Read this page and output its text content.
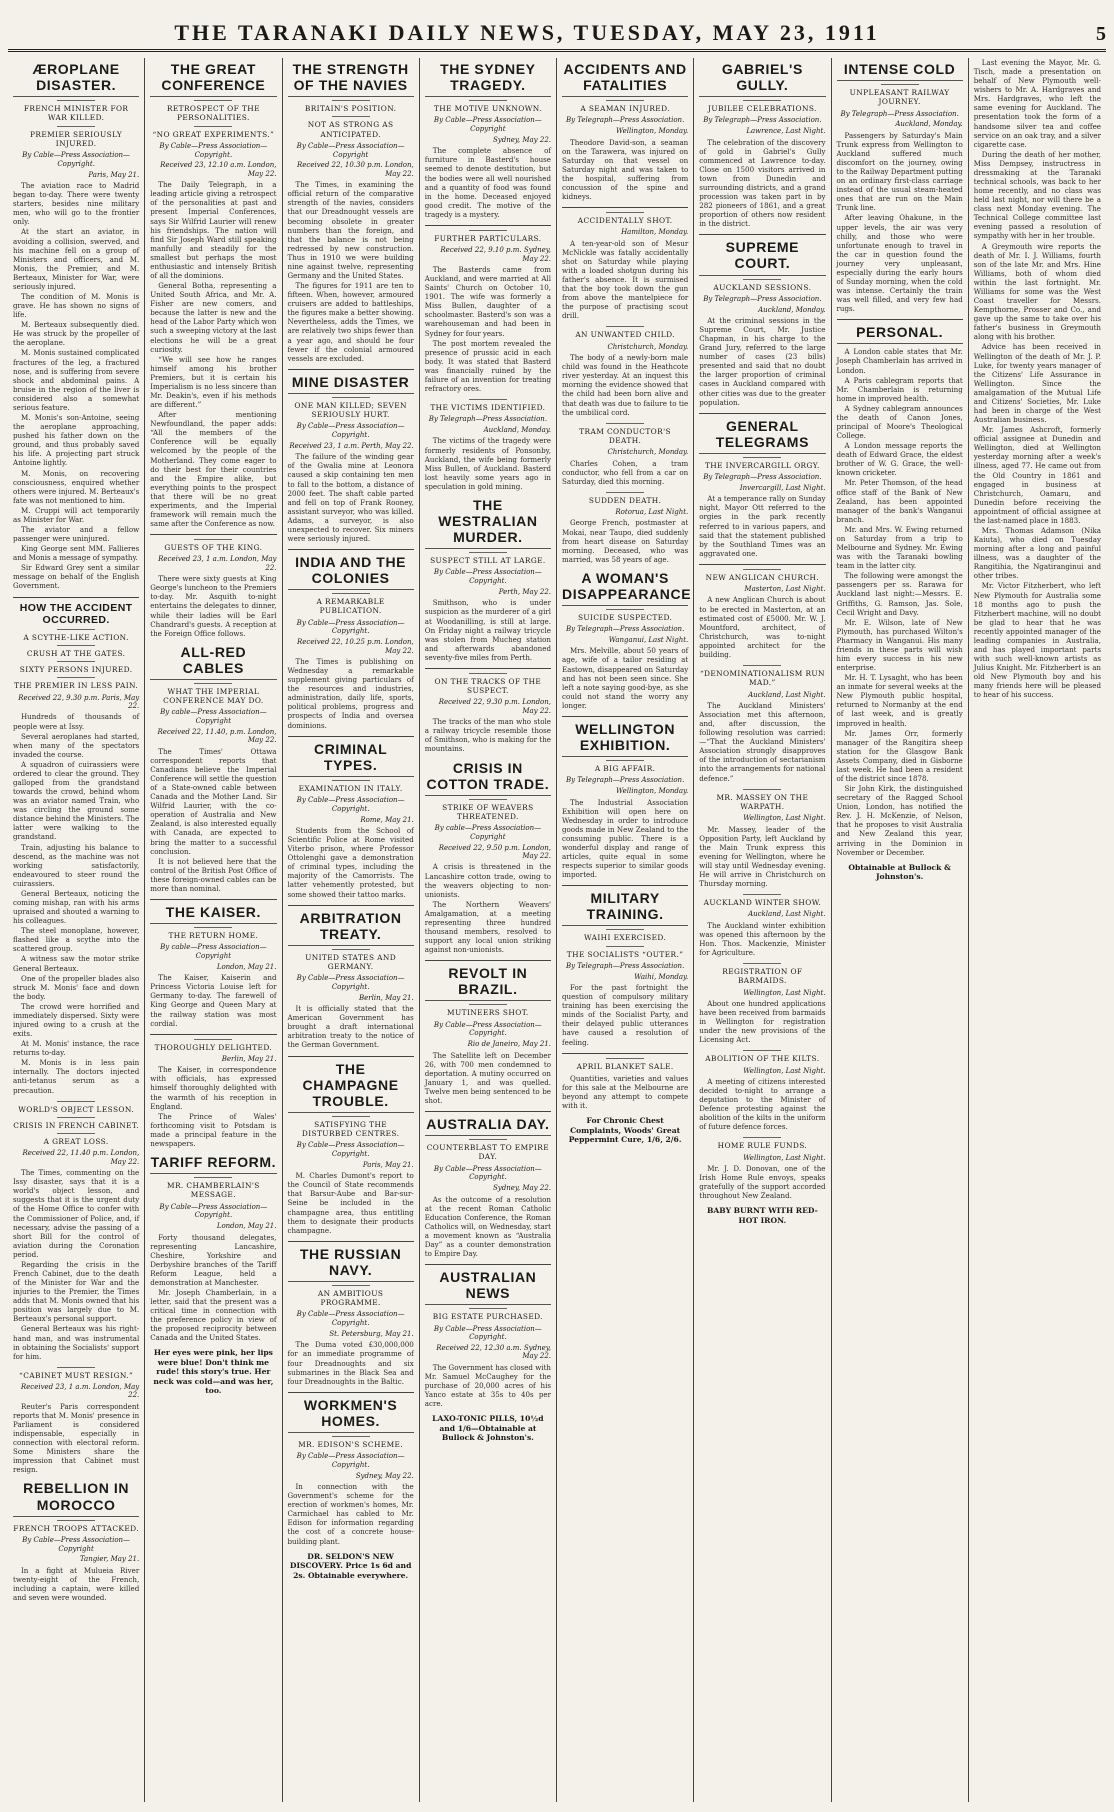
THE TARANAKI DAILY NEWS, TUESDAY, MAY 23, 1911	5
ÆROPLANE DISASTER.
FRENCH MINISTER FOR WAR KILLED.
PREMIER SERIOUSLY INJURED.
By Cable—Press Association—Copyright.
Paris, May 21.

The aviation race to Madrid began to-day. There were twenty starters, besides nine military men, who will go to the frontier only.

At the start an aviator, in avoiding a collision, swerved, and his machine fell on a group of Ministers and officers, and M. Monis, the Premier, and M. Berteaux, Minister for War, were seriously injured.

The condition of M. Monis is grave. He has shown no signs of life.

M. Berteaux subsequently died. He was struck by the propeller of the aeroplane.

M. Monis sustained complicated fractures of the leg, a fractured nose, and is suffering from severe shock and abdominal pains. A bruise in the region of the liver is considered also a somewhat serious feature.

M. Monis's son-Antoine, seeing the aeroplane approaching, pushed his father down on the ground, and thus probably saved his life. A projecting part struck Antoine lightly.

M. Monis, on recovering consciousness, enquired whether others were injured. M. Berteaux's fate was not mentioned to him.

M. Cruppi will act temporarily as Minister for War.

The aviator and a fellow passenger were uninjured.

King George sent MM. Fallieres and Monis a message of sympathy.

Sir Edward Grey sent a similar message on behalf of the English Government.

HOW THE ACCIDENT OCCURRED.
A SCYTHE-LIKE ACTION.
CRUSH AT THE GATES.
SIXTY PERSONS INJURED.
THE PREMIER IN LESS PAIN.
Received 22, 9.30 p.m. Paris, May 22.

Hundreds of thousands of people were at Issy.

Several aeroplanes had started, when many of the spectators invaded the course.

A squadron of cuirassiers were ordered to clear the ground. They galloped from the grandstand towards the crowd, behind whom was an aviator named Train, who was circling the ground some distance behind the Ministers. The latter were walking to the grandstand.

Train, adjusting his balance to descend, as the machine was not working satisfactorily, endeavoured to steer round the cuirassiers.

General Berteaux, noticing the coming mishap, ran with his arms upraised and shouted a warning to his colleagues.

The steel monoplane, however, flashed like a scythe into the scattered group.

A witness saw the motor strike General Berteaux.

One of the propeller blades also struck M. Monis' face and down the body.

The crowd were horrified and immediately dispersed. Sixty were injured owing to a crush at the exits.

At M. Monis' instance, the race returns to-day.

M. Monis is in less pain internally. The doctors injected anti-tetanus serum as a precaution.

WORLD'S OBJECT LESSON.
CRISIS IN FRENCH CABINET.
A GREAT LOSS.
Received 22, 11.40 p.m. London, May 22.

The Times, commenting on the Issy disaster, says that it is a world's object lesson, and suggests that it is the urgent duty of the Home Office to confer with the Commissioner of Police, and, if necessary, advise the passing of a short Bill for the control of aviation during the Coronation period.

Regarding the crisis in the French Cabinet, due to the death of the Minister for War and the injuries to the Premier, the Times adds that M. Monis owned that his position was largely due to M. Berteaux's personal support.

General Berteaux was his right-hand man, and was instrumental in obtaining the Socialists' support for him.

“CABINET MUST RESIGN.”
Received 23, 1 a.m. London, May 22.

Reuter's Paris correspondent reports that M. Monis' presence in Parliament is considered indispensable, especially in connection with electoral reform. Some Ministers share the impression that Cabinet must resign.

REBELLION IN MOROCCO
FRENCH TROOPS ATTACKED.
By Cable—Press Association—Copyright
Tangier, May 21.

In a fight at Mulueia River twenty-eight of the French, including a captain, were killed and seven were wounded.

THE GREAT CONFERENCE
RETROSPECT OF THE PERSONALITIES.
“NO GREAT EXPERIMENTS.”
By Cable—Press Association—Copyright.
Received 23, 12.10 a.m. London, May 22.

The Daily Telegraph, in a leading article giving a retrospect of the personalities at past and present Imperial Conferences, says Sir Wilfrid Laurier will renew his friendships. The nation will find Sir Joseph Ward still speaking manfully and steadily for the smallest but perhaps the most enthusiastic and intensely British of all the dominions.

General Botha, representing a United South Africa, and Mr. A. Fisher are new comers, and because the latter is new and the head of the Labor Party which won such a sweeping victory at the last elections he will be a great curiosity.

“We will see how he ranges himself among his brother Premiers, but it is certain his Imperialism is no less sincere than Mr. Deakin's, even if his methods are different.”

After mentioning Newfoundland, the paper adds: “All the members of the Conference will be equally welcomed by the people of the Motherland. They come eager to do their best for their countries and the Empire alike, but everything points to the prospect that there will be no great experiments, and the Imperial framework will remain much the same after the Conference as now.

GUESTS OF THE KING.
Received 23, 1 a.m. London, May 22.

There were sixty guests at King George's luncheon to the Premiers to-day. Mr. Asquith to-night entertains the delegates to dinner, while their ladies will be Earl Chandrard's guests. A reception at the Foreign Office follows.

ALL-RED CABLES
WHAT THE IMPERIAL CONFERENCE MAY DO.
By cable—Press Association—Copyright
Received 22, 11.40, p.m. London, May 22.

The Times' Ottawa correspondent reports that Canadians believe the Imperial Conference will settle the question of a State-owned cable between Canada and the Mother Land. Sir Wilfrid Laurier, with the co-operation of Australia and New Zealand, is also interested equally with Canada, are expected to bring the matter to a successful conclusion.

It is not believed here that the control of the British Post Office of these foreign-owned cables can be more than nominal.

THE KAISER.
THE RETURN HOME.
By cable—Press Association—Copyright
London, May 21.

The Kaiser, Kaiserin and Princess Victoria Louise left for Germany to-day. The farewell of King George and Queen Mary at the railway station was most cordial.

THOROUGHLY DELIGHTED.
Berlin, May 21.

The Kaiser, in correspondence with officials, has expressed himself thoroughly delighted with the warmth of his reception in England.

The Prince of Wales' forthcoming visit to Potsdam is made a principal feature in the newspapers.

TARIFF REFORM.
MR. CHAMBERLAIN'S MESSAGE.
By Cable—Press Association—Copyright.
London, May 21.

Forty thousand delegates, representing Lancashire, Cheshire, Yorkshire and Derbyshire branches of the Tariff Reform League, held a demonstration at Manchester.

Mr. Joseph Chamberlain, in a letter, said that the present was a critical time in connection with the preference policy in view of the proposed reciprocity between Canada and the United States.

Her eyes were pink, her lips were blue! Don't think me rude! this story's true. Her neck was cold—and was her, too.
THE STRENGTH OF THE NAVIES
BRITAIN'S POSITION.
NOT AS STRONG AS ANTICIPATED.
By Cable—Press Association—Copyright
Received 22, 10.30 p.m. London, May 22.

The Times, in examining the official return of the comparative strength of the navies, considers that our Dreadnought vessels are becoming obsolete in greater numbers than the foreign, and that the balance is not being redressed by new construction. Thus in 1910 we were building nine against twelve, representing Germany and the United States.

The figures for 1911 are ten to fifteen. When, however, armoured cruisers are added to battleships, the figures make a better showing. Nevertheless, adds the Times, we are relatively two ships fewer than a year ago, and should be four fewer if the colonial armoured vessels are excluded.

MINE DISASTER
ONE MAN KILLED; SEVEN SERIOUSLY HURT.
By Cable—Press Association—Copyright.
Received 23, 1 a.m. Perth, May 22.

The failure of the winding gear of the Gwalia mine at Leonora caused a skip containing ten men to fall to the bottom, a distance of 2000 feet. The shaft cable parted and fell on top of Frank Rooney, assistant surveyor, who was killed. Adams, a surveyor, is also unexpected to recover. Six miners were seriously injured.

INDIA AND THE COLONIES
A REMARKABLE PUBLICATION.
By Cable—Press Association—Copyright.
Received 22, 10.25 p.m. London, May 22.

The Times is publishing on Wednesday a remarkable supplement giving particulars of the resources and industries, administration, daily life, sports, political problems, progress and prospects of India and oversea dominions.

CRIMINAL TYPES.
EXAMINATION IN ITALY.
By Cable—Press Association—Copyright.
Rome, May 21.

Students from the School of Scientific Police at Rome visited Viterbo prison, where Professor Ottolenghi gave a demonstration of criminal types, including the majority of the Camorrists. The latter vehemently protested, but some showed their tattoo marks.

ARBITRATION TREATY.
UNITED STATES AND GERMANY.
By Cable—Press Association—Copyright.
Berlin, May 21.

It is officially stated that the American Government has brought a draft international arbitration treaty to the notice of the German Government.

THE CHAMPAGNE TROUBLE.
SATISFYING THE DISTURBED CENTRES.
By Cable—Press Association—Copyright.
Paris, May 21.

M. Charles Dumont's report to the Council of State recommends that Barsur-Aube and Bar-sur-Seine be included in the champagne area, thus entitling them to designate their products champagne.

THE RUSSIAN NAVY.
AN AMBITIOUS PROGRAMME.
By Cable—Press Association—Copyright.
St. Petersburg, May 21.

The Duma voted £30,000,000 for an immediate programme of four Dreadnoughts and six submarines in the Black Sea and four Dreadnoughts in the Baltic.

WORKMEN'S HOMES.
MR. EDISON'S SCHEME.
By Cable—Press Association—Copyright.
Sydney, May 22.

In connection with the Government's scheme for the erection of workmen's homes, Mr. Carmichael has cabled to Mr. Edison for information regarding the cost of a concrete house-building plant.

DR. SELDON'S NEW DISCOVERY. Price 1s 6d and 2s. Obtainable everywhere.
THE SYDNEY TRAGEDY.
THE MOTIVE UNKNOWN.
By Cable—Press Association—Copyright
Sydney, May 22.

The complete absence of furniture in Basterd's house seemed to denote destitution, but the bodies were all well nourished and a quantity of food was found in the home. Deceased enjoyed good credit. The motive of the tragedy is a mystery.

FURTHER PARTICULARS.
Received 22, 9.10 p.m. Sydney, May 22.

The Basterds came from Auckland, and were married at All Saints' Church on October 10, 1901. The wife was formerly a Miss Bullen, daughter of a schoolmaster. Basterd's son was a warehouseman and had been in Sydney for four years.

The post mortem revealed the presence of prussic acid in each body. It was stated that Basterd was financially ruined by the failure of an invention for treating refractory ores.

THE VICTIMS IDENTIFIED.
By Telegraph—Press Association.
Auckland, Monday.

The victims of the tragedy were formerly residents of Ponsonby, Auckland, the wife being formerly Miss Bullen, of Auckland. Basterd lost heavily some years ago in speculation in gold mining.

THE WESTRALIAN MURDER.
SUSPECT STILL AT LARGE.
By Cable—Press Association—Copyright.
Perth, May 22.

Smithson, who is under suspicion as the murderer of a girl at Woodanilling, is still at large. On Friday night a railway tricycle was stolen from Mucheg station and afterwards abandoned seventy-five miles from Perth.

ON THE TRACKS OF THE SUSPECT.
Received 22, 9.30 p.m. London, May 22.

The tracks of the man who stole a railway tricycle resemble those of Smithson, who is making for the mountains.

CRISIS IN COTTON TRADE.
STRIKE OF WEAVERS THREATENED.
By cable—Press Association—Copyright
Received 22, 9.50 p.m. London, May 22.

A crisis is threatened in the Lancashire cotton trade, owing to the weavers objecting to non-unionists.

The Northern Weavers' Amalgamation, at a meeting representing three hundred thousand members, resolved to support any local union striking against non-unionists.

REVOLT IN BRAZIL.
MUTINEERS SHOT.
By Cable—Press Association—Copyright.
Rio de Janeiro, May 21.

The Satellite left on December 26, with 700 men condemned to deportation. A mutiny occurred on January 1, and was quelled. Twelve men being sentenced to be shot.

AUSTRALIA DAY.
COUNTERBLAST TO EMPIRE DAY.
By Cable—Press Association—Copyright.
Sydney, May 22.

As the outcome of a resolution at the recent Roman Catholic Education Conference, the Roman Catholics will, on Wednesday, start a movement known as “Australia Day” as a counter demonstration to Empire Day.

AUSTRALIAN NEWS
BIG ESTATE PURCHASED.
By Cable—Press Association—Copyright.
Received 22, 12.30 a.m. Sydney, May 22.

The Government has closed with Mr. Samuel McCaughey for the purchase of 20,000 acres of his Yanco estate at 35s to 40s per acre.

LAXO-TONIC PILLS, 10½d and 1/6—Obtainable at Bullock & Johnston's.
ACCIDENTS AND FATALITIES
A SEAMAN INJURED.
By Telegraph—Press Association.
Wellington, Monday.

Theodore David-son, a seaman on the Tarawera, was injured on Saturday on that vessel on Saturday night and was taken to the hospital, suffering from concussion of the spine and kidneys.

ACCIDENTALLY SHOT.
Hamilton, Monday.

A ten-year-old son of Mesur McNickle was fatally accidentally shot on Saturday while playing with a loaded shotgun during his father's absence. It is surmised that the boy took down the gun from above the mantelpiece for the purpose of practising scout drill.

AN UNWANTED CHILD.
Christchurch, Monday.

The body of a newly-born male child was found in the Heathcote river yesterday. At an inquest this morning the evidence showed that the child had been born alive and that death was due to failure to tie the umbilical cord.

TRAM CONDUCTOR'S DEATH.
Christchurch, Monday.

Charles Cohen, a tram conductor, who fell from a car on Saturday, died this morning.

SUDDEN DEATH.
Rotorua, Last Night.

George French, postmaster at Mokai, near Taupo, died suddenly from heart disease on Saturday morning. Deceased, who was married, was 58 years of age.

A WOMAN'S DISAPPEARANCE
SUICIDE SUSPECTED.
By Telegraph—Press Association.
Wanganui, Last Night.

Mrs. Melville, about 50 years of age, wife of a tailor residing at Eastown, disappeared on Saturday and has not been seen since. She left a note saying good-bye, as she could not stand the worry any longer.

WELLINGTON EXHIBITION.
A BIG AFFAIR.
By Telegraph—Press Association.
Wellington, Monday.

The Industrial Association Exhibition will open here on Wednesday in order to introduce goods made in New Zealand to the consuming public. There is a wonderful display and range of articles, quite equal in some respects superior to similar goods imported.

MILITARY TRAINING.
WAIHI EXERCISED.
THE SOCIALISTS “OUTER.”
By Telegraph—Press Association.
Waihi, Monday.

For the past fortnight the question of compulsory military training has been exercising the minds of the Socialist Party, and their delayed public utterances have caused a resolution of feeling.

APRIL BLANKET SALE.

Quantities, varieties and values for this sale at the Melbourne are beyond any attempt to compete with it.

For Chronic Chest Complaints, Woods' Great Peppermint Cure, 1/6, 2/6.
GABRIEL'S GULLY.
JUBILEE CELEBRATIONS.
By Telegraph—Press Association.
Lawrence, Last Night.

The celebration of the discovery of gold in Gabriel's Gully commenced at Lawrence to-day. Close on 1500 visitors arrived in town from Dunedin and surrounding districts, and a grand procession was taken part in by 282 pioneers of 1861, and a great proportion of others now resident in the district.

SUPREME COURT.
AUCKLAND SESSIONS.
By Telegraph—Press Association.
Auckland, Monday.

At the criminal sessions in the Supreme Court, Mr. Justice Chapman, in his charge to the Grand Jury, referred to the large number of cases (23 bills) presented and said that no doubt the larger proportion of criminal cases in Auckland compared with other cities was due to the greater population.

GENERAL TELEGRAMS
THE INVERCARGILL ORGY.
By Telegraph—Press Association.
Invercargill, Last Night.

At a temperance rally on Sunday night, Mayor Ott referred to the orgies in the park recently referred to in various papers, and said that the statement published by the Southland Times was an aggravated one.

NEW ANGLICAN CHURCH.
Masterton, Last Night.

A new Anglican Church is about to be erected in Masterton, at an estimated cost of £5000. Mr. W. J. Mountford, architect, of Christchurch, was to-night appointed architect for the building.

“DENOMINATIONALISM RUN MAD.”
Auckland, Last Night.

The Auckland Ministers' Association met this afternoon, and, after discussion, the following resolution was carried:—“That the Auckland Ministers' Association strongly disapproves of the introduction of sectarianism into the arrangements for national defence.”

MR. MASSEY ON THE WARPATH.
Wellington, Last Night.

Mr. Massey, leader of the Opposition Party, left Auckland by the Main Trunk express this evening for Wellington, where he will stay until Wednesday evening. He will arrive in Christchurch on Thursday morning.

AUCKLAND WINTER SHOW.
Auckland, Last Night.

The Auckland winter exhibition was opened this afternoon by the Hon. Thos. Mackenzie, Minister for Agriculture.

REGISTRATION OF BARMAIDS.
Wellington, Last Night.

About one hundred applications have been received from barmaids in Wellington for registration under the new provisions of the Licensing Act.

ABOLITION OF THE KILTS.
Wellington, Last Night.

A meeting of citizens interested decided to-night to arrange a deputation to the Minister of Defence protesting against the abolition of the kilts in the uniform of future defence forces.

HOME RULE FUNDS.
Wellington, Last Night.

Mr. J. D. Donovan, one of the Irish Home Rule envoys, speaks gratefully of the support accorded throughout New Zealand.

BABY BURNT WITH RED-HOT IRON.
INTENSE COLD
UNPLEASANT RAILWAY JOURNEY.
By Telegraph—Press Association.
Auckland, Monday.

Passengers by Saturday's Main Trunk express from Wellington to Auckland suffered much discomfort on the journey, owing to the Railway Department putting on an ordinary first-class carriage instead of the usual steam-heated ones that are run on the Main Trunk line.

After leaving Ohakune, in the upper levels, the air was very chilly, and those who were unfortunate enough to travel in the car in question found the journey very unpleasant, especially during the early hours of Sunday morning, when the cold was intense. Certainly the train was well filled, and very few had rugs.

PERSONAL.

A London cable states that Mr. Joseph Chamberlain has arrived in London.

A Paris cablegram reports that Mr. Chamberlain is returning home in improved health.

A Sydney cablegram announces the death of Canon Jones, principal of Moore's Theological College.

A London message reports the death of Edward Grace, the eldest brother of W. G. Grace, the well-known cricketer.

Mr. Peter Thomson, of the head office staff of the Bank of New Zealand, has been appointed manager of the bank's Wanganui branch.

Mr. and Mrs. W. Ewing returned on Saturday from a trip to Melbourne and Sydney. Mr. Ewing was with the Taranaki bowling team in the latter city.

The following were amongst the passengers per ss. Rarawa for Auckland last night:—Messrs. E. Griffiths, G. Ramson, Jas. Sole, Cecil Wright and Davy.

Mr. E. Wilson, late of New Plymouth, has purchased Wilton's Pharmacy in Wanganui. His many friends in these parts will wish him every success in his new enterprise.

Mr. H. T. Lysaght, who has been an inmate for several weeks at the New Plymouth public hospital, returned to Normanby at the end of last week, and is greatly improved in health.

Mr. James Orr, formerly manager of the Rangitira sheep station for the Glasgow Bank Assets Company, died in Gisborne last week. He had been a resident of the district since 1878.

Sir John Kirk, the distinguished secretary of the Ragged School Union, London, has notified the Rev. J. H. McKenzie, of Nelson, that he proposes to visit Australia and New Zealand this year, arriving in the Dominion in November or December.

Obtainable at Bullock & Johnston's.

Last evening the Mayor, Mr. G. Tisch, made a presentation on behalf of New Plymouth well-wishers to Mr. A. Hardgraves and Mrs. Hardgraves, who left the same evening for Auckland. The presentation took the form of a handsome silver tea and coffee service on an oak tray, and a silver cigarette case.

During the death of her mother, Miss Dempsey, instructress in dressmaking at the Taranaki technical schools, was back to her home recently, and no class was held last night, nor will there be a class next Monday evening. The Technical College committee last evening passed a resolution of sympathy with her in her trouble.

A Greymouth wire reports the death of Mr. I. J. Williams, fourth son of the late Mr. and Mrs. Hine Williams, both of whom died within the last fortnight. Mr. Williams for some was the West Coast traveller for Messrs. Kempthorne, Prosser and Co., and gave up the same to take over his father's business in Greymouth along with his brother.

Advice has been received in Wellington of the death of Mr. J. P. Luke, for twenty years manager of the Citizens' Life Assurance in Wellington. Since the amalgamation of the Mutual Life and Citizens' Societies, Mr. Luke had been in charge of the West Australian business.

Mr. James Ashcroft, formerly official assignee at Dunedin and Wellington, died at Wellington yesterday morning after a week's illness, aged 77. He came out from the Old Country in 1861 and engaged in business at Christchurch, Oamaru, and Dunedin before receiving the appointment of official assignee at the last-named place in 1883.

Mrs. Thomas Adamson (Nika Kaiuta), who died on Tuesday morning after a long and painful illness, was a daughter of the Rangitihia, the Ngatiranginui and other tribes.

Mr. Victor Fitzherbert, who left New Plymouth for Australia some 18 months ago to push the Fitzherbert machine, will no doubt be glad to hear that he was recently appointed manager of the leading companies in Australia, and has played important parts with such well-known artists as Julius Knight. Mr. Fitzherbert is an old New Plymouth boy and his many friends here will be pleased to hear of his success.
